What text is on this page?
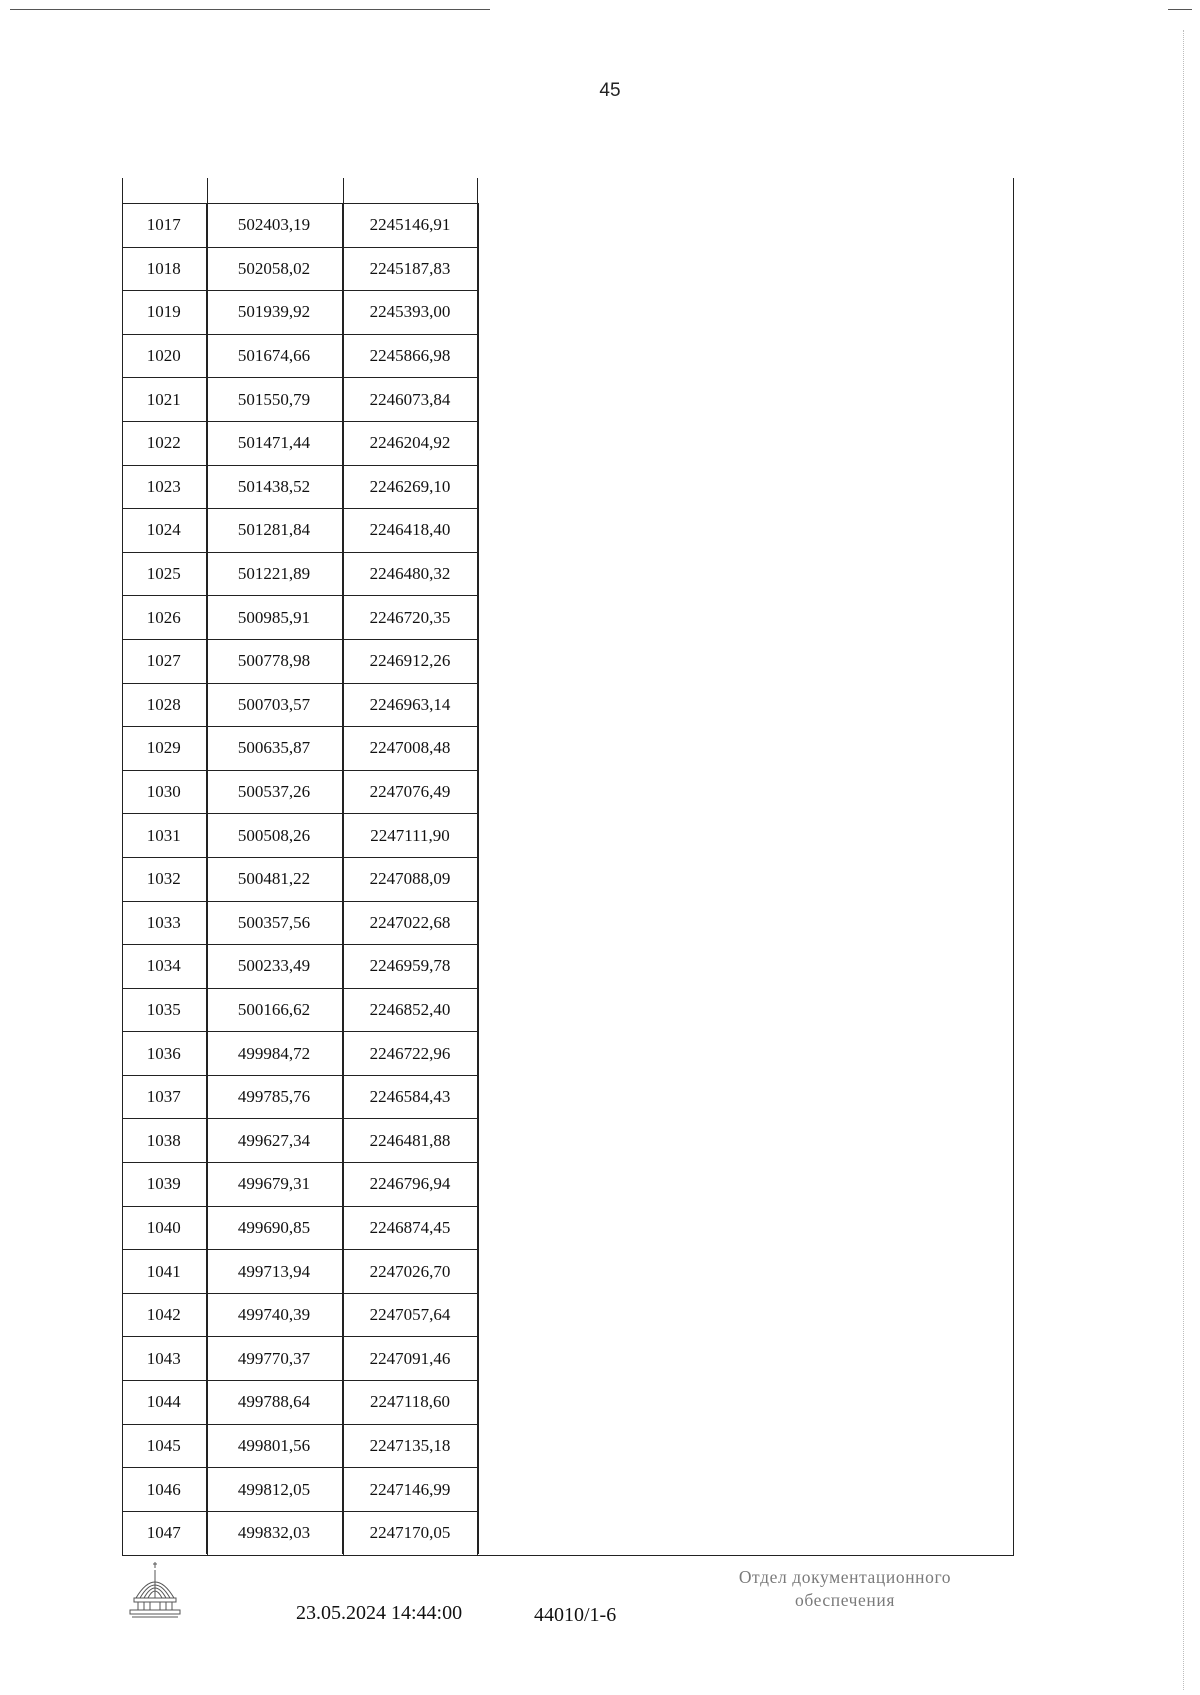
45
1017	502403,19	2245146,91
1018	502058,02	2245187,83
1019	501939,92	2245393,00
1020	501674,66	2245866,98
1021	501550,79	2246073,84
1022	501471,44	2246204,92
1023	501438,52	2246269,10
1024	501281,84	2246418,40
1025	501221,89	2246480,32
1026	500985,91	2246720,35
1027	500778,98	2246912,26
1028	500703,57	2246963,14
1029	500635,87	2247008,48
1030	500537,26	2247076,49
1031	500508,26	2247111,90
1032	500481,22	2247088,09
1033	500357,56	2247022,68
1034	500233,49	2246959,78
1035	500166,62	2246852,40
1036	499984,72	2246722,96
1037	499785,76	2246584,43
1038	499627,34	2246481,88
1039	499679,31	2246796,94
1040	499690,85	2246874,45
1041	499713,94	2247026,70
1042	499740,39	2247057,64
1043	499770,37	2247091,46
1044	499788,64	2247118,60
1045	499801,56	2247135,18
1046	499812,05	2247146,99
1047	499832,03	2247170,05
23.05.2024 14:44:00	44010/1-6
Отдел документационного
обеспечения
